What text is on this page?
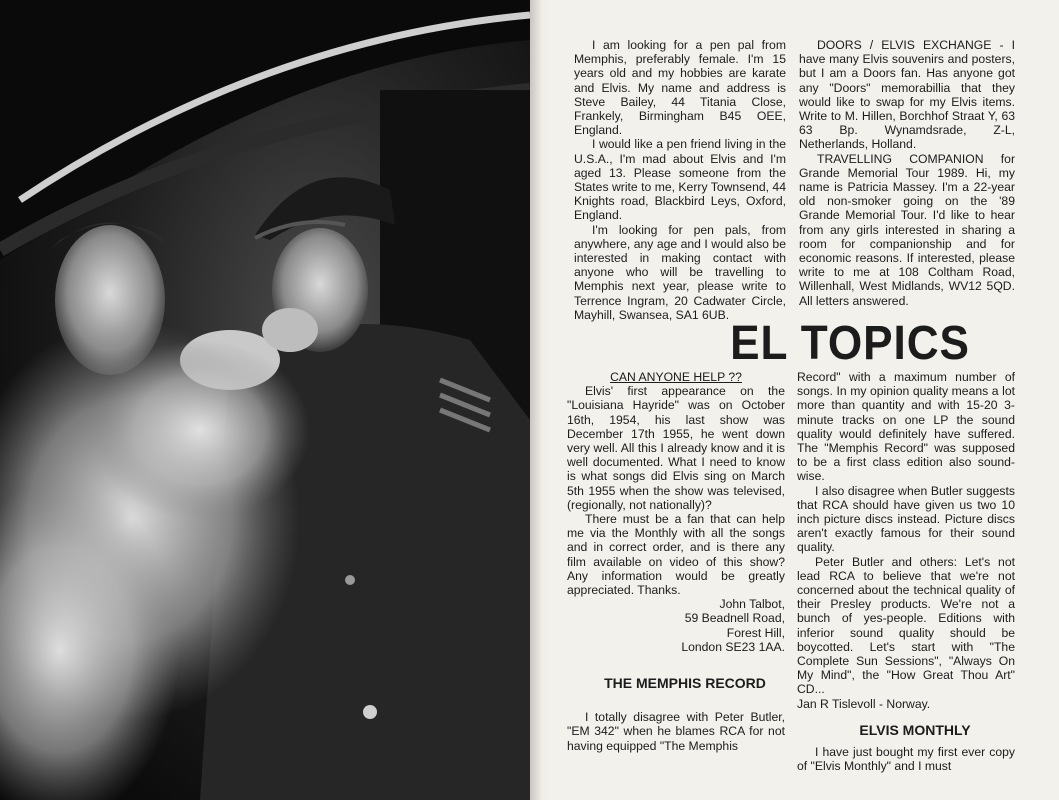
I am looking for a pen pal from Memphis, preferably female. I'm 15 years old and my hobbies are karate and Elvis. My name and address is Steve Bailey, 44 Titania Close, Frankely, Birmingham B45 OEE, England.

I would like a pen friend living in the U.S.A., I'm mad about Elvis and I'm aged 13. Please someone from the States write to me, Kerry Townsend, 44 Knights road, Blackbird Leys, Oxford, England.

I'm looking for pen pals, from anywhere, any age and I would also be interested in making contact with anyone who will be travelling to Memphis next year, please write to Terrence Ingram, 20 Cadwater Circle, Mayhill, Swansea, SA1 6UB.

DOORS / ELVIS EXCHANGE - I have many Elvis souvenirs and posters, but I am a Doors fan. Has anyone got any "Doors" memorabillia that they would like to swap for my Elvis items. Write to M. Hillen, Borchhof Straat Y, 63 63 Bp. Wynamdsrade, Z-L, Netherlands, Holland.

TRAVELLING COMPANION for Grande Memorial Tour 1989. Hi, my name is Patricia Massey. I'm a 22-year old non-smoker going on the '89 Grande Memorial Tour. I'd like to hear from any girls interested in sharing a room for companionship and for economic reasons. If interested, please write to me at 108 Coltham Road, Willenhall, West Midlands, WV12 5QD. All letters answered.

EL TOPICS

CAN ANYONE HELP ??

Elvis' first appearance on the "Louisiana Hayride" was on October 16th, 1954, his last show was December 17th 1955, he went down very well. All this I already know and it is well documented. What I need to know is what songs did Elvis sing on March 5th 1955 when the show was televised, (regionally, not nationally)?

There must be a fan that can help me via the Monthly with all the songs and in correct order, and is there any film available on video of this show? Any information would be greatly appreciated. Thanks.

John Talbot,

59 Beadnell Road,

Forest Hill,

London SE23 1AA.

THE MEMPHIS RECORD

I totally disagree with Peter Butler, "EM 342" when he blames RCA for not having equipped "The Memphis

Record" with a maximum number of songs. In my opinion quality means a lot more than quantity and with 15-20 3-minute tracks on one LP the sound quality would definitely have suffered. The "Memphis Record" was supposed to be a first class edition also sound-wise.

I also disagree when Butler suggests that RCA should have given us two 10 inch picture discs instead. Picture discs aren't exactly famous for their sound quality.

Peter Butler and others: Let's not lead RCA to believe that we're not concerned about the technical quality of their Presley products. We're not a bunch of yes-people. Editions with inferior sound quality should be boycotted. Let's start with "The Complete Sun Sessions", "Always On My Mind", the "How Great Thou Art" CD...

Jan R Tislevoll - Norway.

ELVIS MONTHLY

I have just bought my first ever copy of "Elvis Monthly" and I must
